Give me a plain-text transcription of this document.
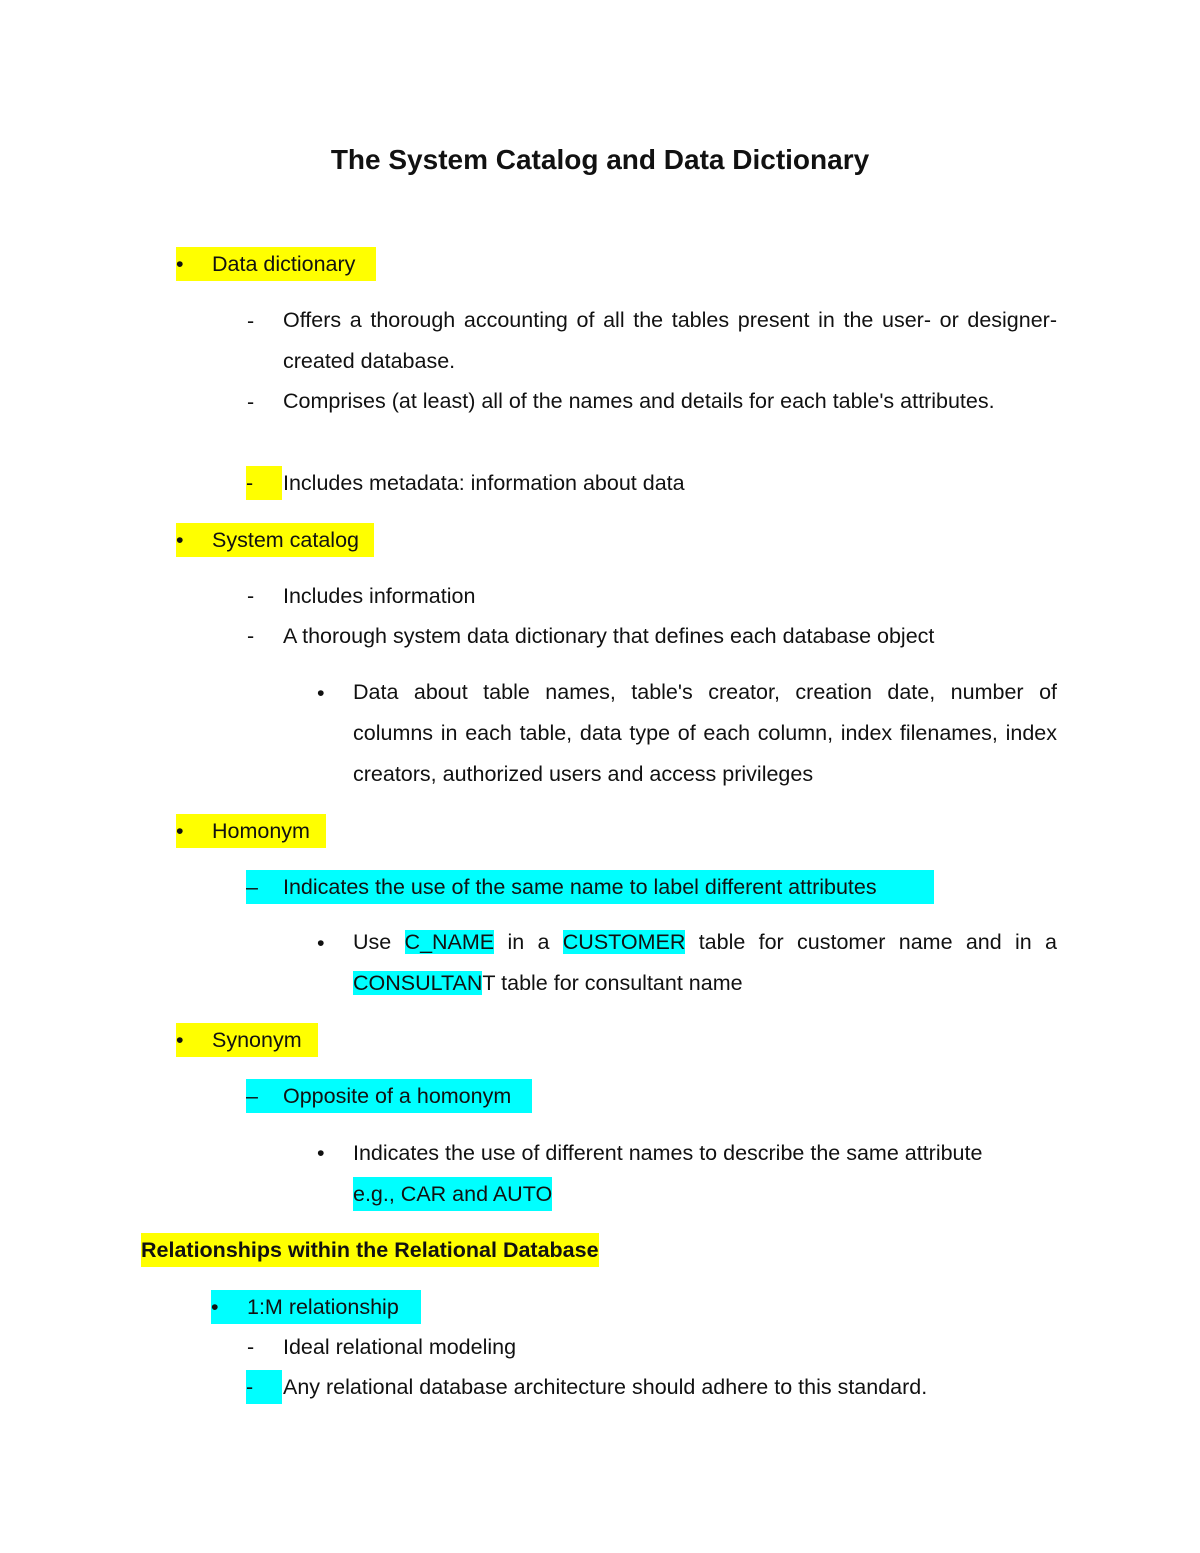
The System Catalog and Data Dictionary
• Data dictionary
- Offers a thorough accounting of all the tables present in the user- or designer-created database.
- Comprises (at least) all of the names and details for each table's attributes.
-	Includes metadata: information about data
• System catalog
- Includes information
- A thorough system data dictionary that defines each database object
• Data about table names, table's creator, creation date, number of columns in each table, data type of each column, index filenames, index creators, authorized users and access privileges
• Homonym
– Indicates the use of the same name to label different attributes
• Use C_NAME in a CUSTOMER table for customer name and in a CONSULTANT table for consultant name
• Synonym
– Opposite of a homonym
• Indicates the use of different names to describe the same attribute
e.g., CAR and AUTO
Relationships within the Relational Database
• 1:M relationship
- Ideal relational modeling
-	Any relational database architecture should adhere to this standard.
